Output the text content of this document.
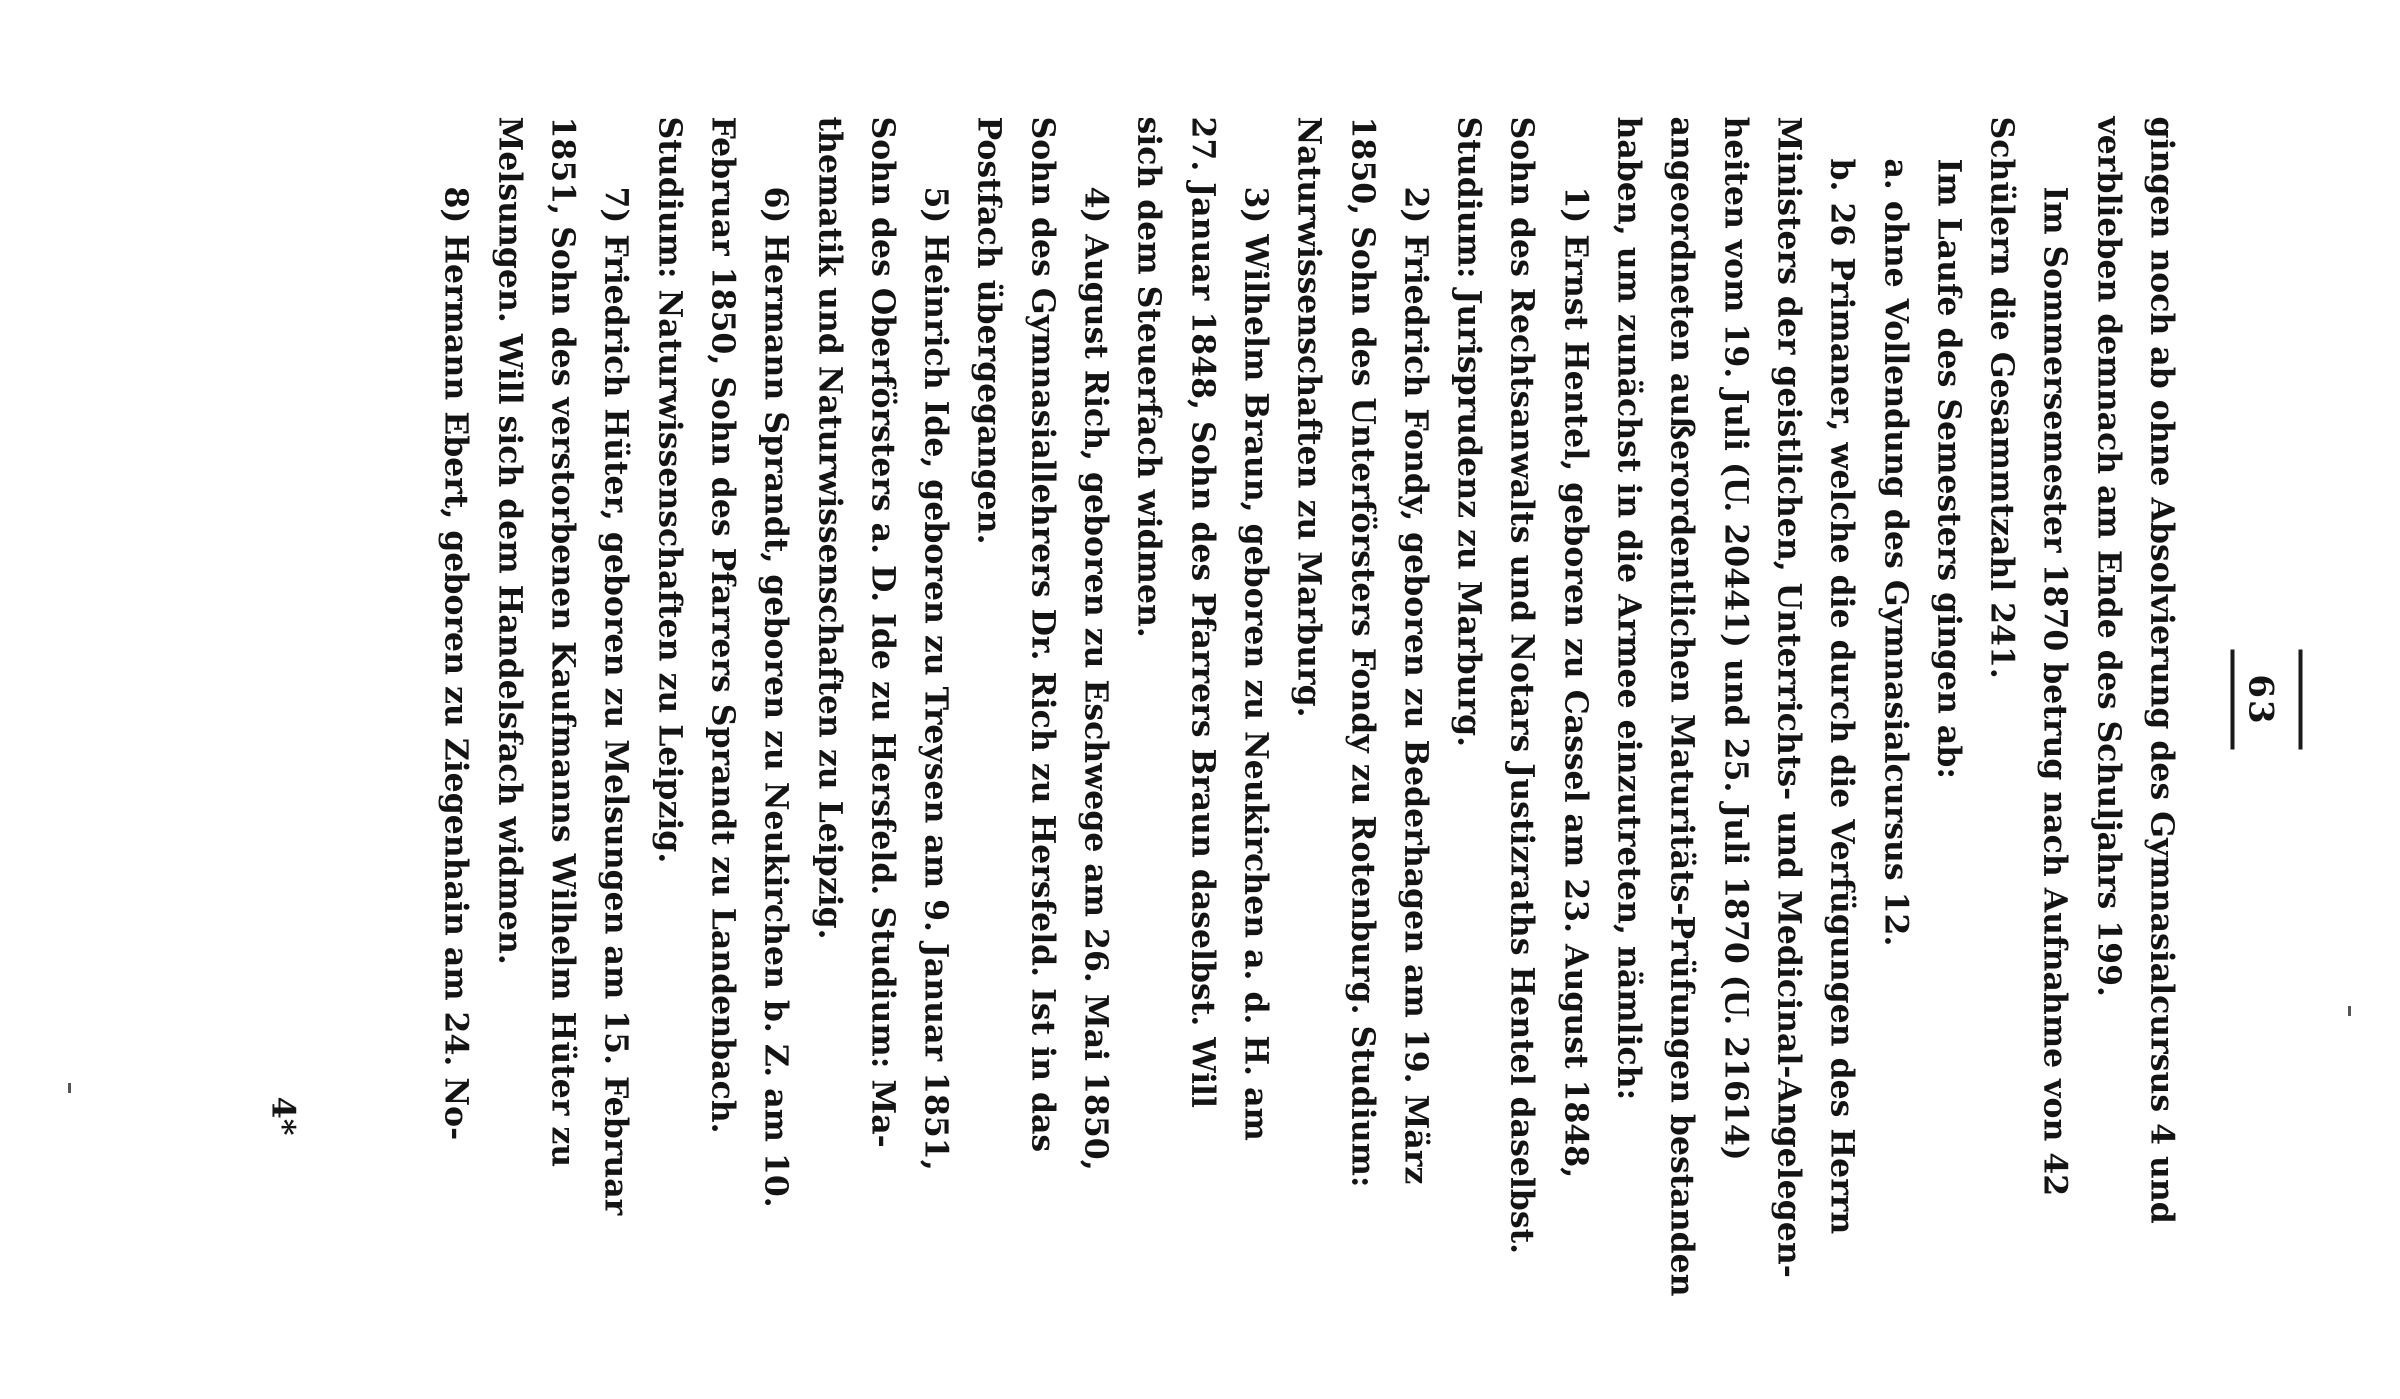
63
gingen noch ab ohne Absolvierung des Gymnasialcursus 4 und
verblieben demnach am Ende des Schuljahrs 199.
Im Sommersemester 1870 betrug nach Aufnahme von 42
Schülern die Gesammtzahl 241.
Im Laufe des Semesters gingen ab:
a. ohne Vollendung des Gymnasialcursus 12.
b. 26 Primaner, welche die durch die Verfügungen des Herrn
Ministers der geistlichen, Unterrichts- und Medicinal-Angelegen-
heiten vom 19. Juli (U. 20441) und 25. Juli 1870 (U. 21614)
angeordneten außerordentlichen Maturitäts-Prüfungen bestanden
haben, um zunächst in die Armee einzutreten, nämlich:
1) Ernst Hentel, geboren zu Cassel am 23. August 1848,
Sohn des Rechtsanwalts und Notars Justizraths Hentel daselbst.
Studium: Jurisprudenz zu Marburg.
2) Friedrich Fondy, geboren zu Bederhagen am 19. März
1850, Sohn des Unterförsters Fondy zu Rotenburg. Studium:
Naturwissenschaften zu Marburg.
3) Wilhelm Braun, geboren zu Neukirchen a. d. H. am
27. Januar 1848, Sohn des Pfarrers Braun daselbst. Will
sich dem Steuerfach widmen.
4) August Rich, geboren zu Eschwege am 26. Mai 1850,
Sohn des Gymnasiallehrers Dr. Rich zu Hersfeld. Ist in das
Postfach übergegangen.
5) Heinrich Ide, geboren zu Treysen am 9. Januar 1851,
Sohn des Oberförsters a. D. Ide zu Hersfeld. Studium: Ma-
thematik und Naturwissenschaften zu Leipzig.
6) Hermann Sprandt, geboren zu Neukirchen b. Z. am 10.
Februar 1850, Sohn des Pfarrers Sprandt zu Landenbach.
Studium: Naturwissenschaften zu Leipzig.
7) Friedrich Hüter, geboren zu Melsungen am 15. Februar
1851, Sohn des verstorbenen Kaufmanns Wilhelm Hüter zu
Melsungen. Will sich dem Handelsfach widmen.
8) Hermann Ebert, geboren zu Ziegenhain am 24. No-
4*
